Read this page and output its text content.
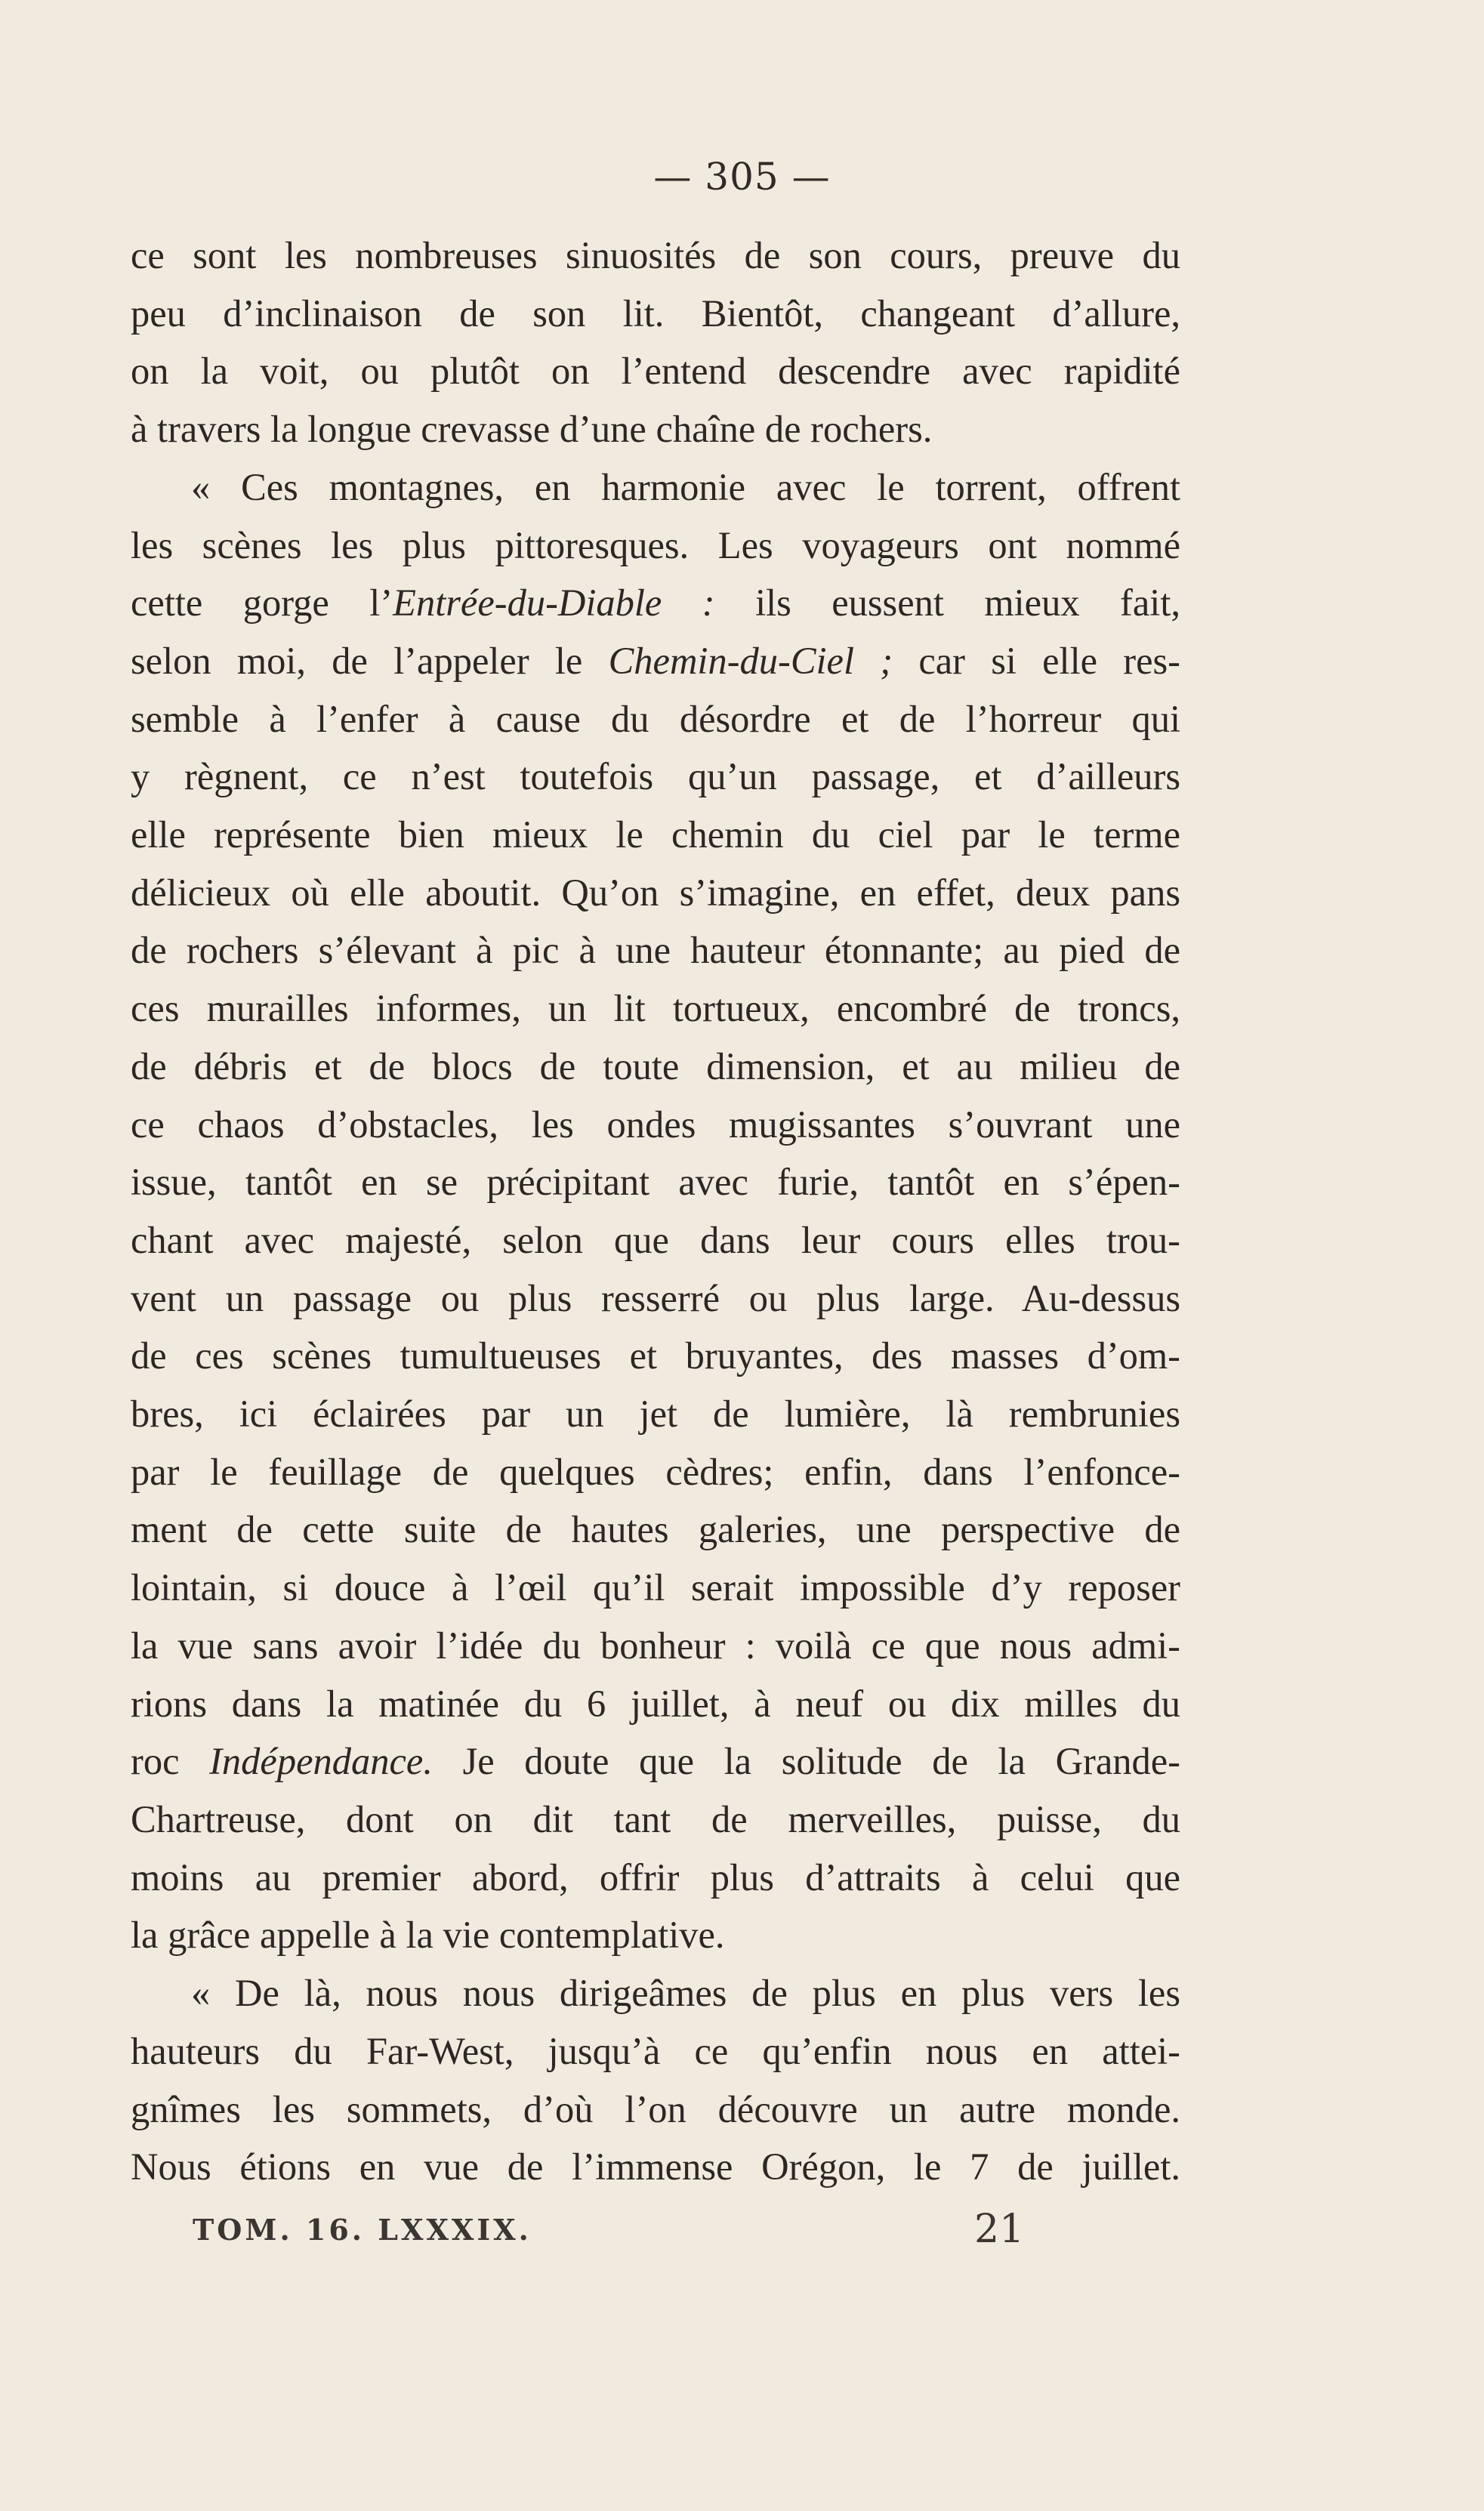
— 305 —
ce sont les nombreuses sinuosités de son cours, preuve du
peu d’inclinaison de son lit. Bientôt, changeant d’allure,
on la voit, ou plutôt on l’entend descendre avec rapidité
à travers la longue crevasse d’une chaîne de rochers.
« Ces montagnes, en harmonie avec le torrent, offrent
les scènes les plus pittoresques. Les voyageurs ont nommé
cette gorge l’Entrée-du-Diable : ils eussent mieux fait,
selon moi, de l’appeler le Chemin-du-Ciel ; car si elle res-
semble à l’enfer à cause du désordre et de l’horreur qui
y règnent, ce n’est toutefois qu’un passage, et d’ailleurs
elle représente bien mieux le chemin du ciel par le terme
délicieux où elle aboutit. Qu’on s’imagine, en effet, deux pans
de rochers s’élevant à pic à une hauteur étonnante; au pied de
ces murailles informes, un lit tortueux, encombré de troncs,
de débris et de blocs de toute dimension, et au milieu de
ce chaos d’obstacles, les ondes mugissantes s’ouvrant une
issue, tantôt en se précipitant avec furie, tantôt en s’épen-
chant avec majesté, selon que dans leur cours elles trou-
vent un passage ou plus resserré ou plus large. Au-dessus
de ces scènes tumultueuses et bruyantes, des masses d’om-
bres, ici éclairées par un jet de lumière, là rembrunies
par le feuillage de quelques cèdres; enfin, dans l’enfonce-
ment de cette suite de hautes galeries, une perspective de
lointain, si douce à l’œil qu’il serait impossible d’y reposer
la vue sans avoir l’idée du bonheur : voilà ce que nous admi-
rions dans la matinée du 6 juillet, à neuf ou dix milles du
roc Indépendance. Je doute que la solitude de la Grande-
Chartreuse, dont on dit tant de merveilles, puisse, du
moins au premier abord, offrir plus d’attraits à celui que
la grâce appelle à la vie contemplative.
« De là, nous nous dirigeâmes de plus en plus vers les
hauteurs du Far-West, jusqu’à ce qu’enfin nous en attei-
gnîmes les sommets, d’où l’on découvre un autre monde.
Nous étions en vue de l’immense Orégon, le 7 de juillet.
TOM. 16. LXXXIX.	21
